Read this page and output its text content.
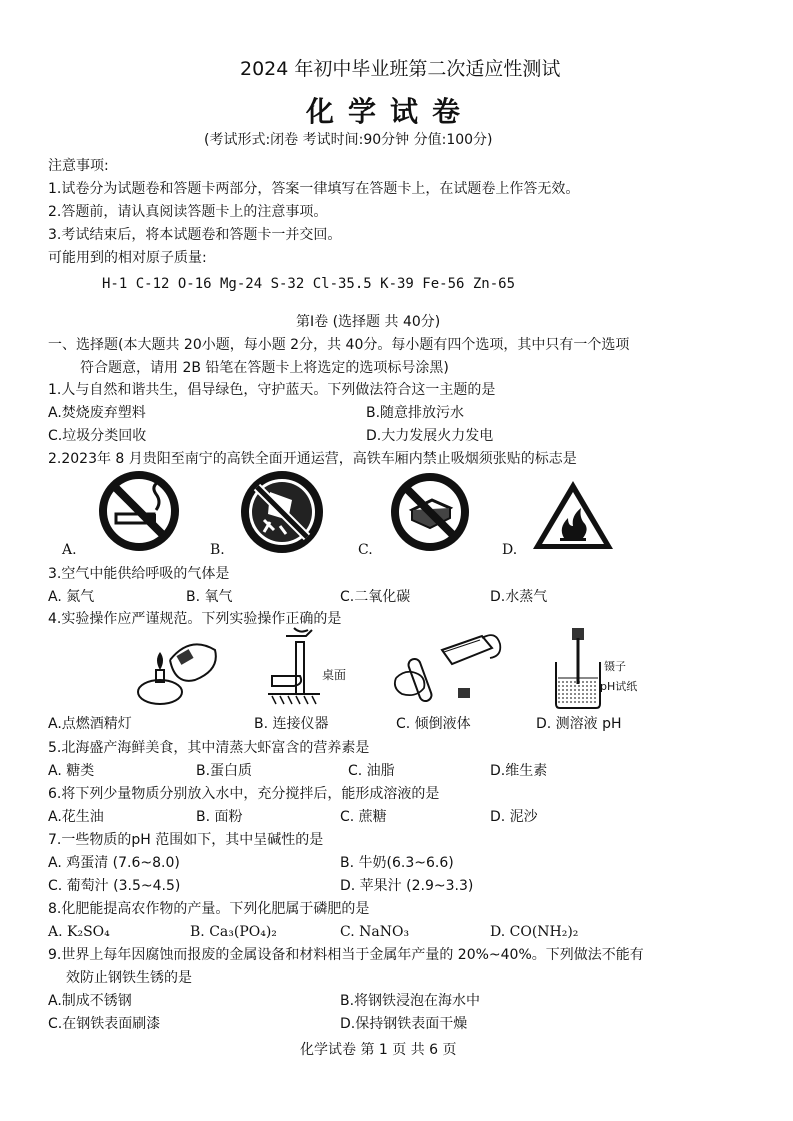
2024 年初中毕业班第二次适应性测试
化学试卷
(考试形式:闭卷 考试时间:90分钟 分值:100分)
注意事项:
1.试卷分为试题卷和答题卡两部分，答案一律填写在答题卡上，在试题卷上作答无效。
2.答题前，请认真阅读答题卡上的注意事项。
3.考试结束后，将本试题卷和答题卡一并交回。
可能用到的相对原子质量:
H-1 C-12 O-16 Mg-24 S-32 Cl-35.5 K-39 Fe-56 Zn-65
第Ⅰ卷 (选择题 共 40分)
一、选择题(本大题共 20小题，每小题 2分，共 40分。每小题有四个选项，其中只有一个选项
符合题意，请用 2B 铅笔在答题卡上将选定的选项标号涂黑)
1.人与自然和谐共生，倡导绿色，守护蓝天。下列做法符合这一主题的是
A.焚烧废弃塑料	B.随意排放污水
C.垃圾分类回收	D.大力发展火力发电
2.2023年 8 月贵阳至南宁的高铁全面开通运营，高铁车厢内禁止吸烟须张贴的标志是
A.	B.	C.	D.
3.空气中能供给呼吸的气体是
A. 氮气	B. 氧气	C.二氧化碳	D.水蒸气
4.实验操作应严谨规范。下列实验操作正确的是
A.点燃酒精灯
桌面
B. 连接仪器	C. 倾倒液体
镊子
pH试纸
D. 测溶液 pH
5.北海盛产海鲜美食，其中清蒸大虾富含的营养素是
A. 糖类	B.蛋白质	C. 油脂	D.维生素
6.将下列少量物质分别放入水中，充分搅拌后，能形成溶液的是
A.花生油	B. 面粉	C. 蔗糖	D. 泥沙
7.一些物质的pH 范围如下，其中呈碱性的是
A. 鸡蛋清 (7.6~8.0)	B. 牛奶(6.3~6.6)
C. 葡萄汁 (3.5~4.5)	D. 苹果汁 (2.9~3.3)
8.化肥能提高农作物的产量。下列化肥属于磷肥的是
A. K₂SO₄	B. Ca₃(PO₄)₂	C. NaNO₃	D. CO(NH₂)₂
9.世界上每年因腐蚀而报废的金属设备和材料相当于金属年产量的 20%~40%。下列做法不能有
效防止钢铁生锈的是
A.制成不锈钢	B.将钢铁浸泡在海水中
C.在钢铁表面刷漆	D.保持钢铁表面干燥
化学试卷 第 1 页 共 6 页
